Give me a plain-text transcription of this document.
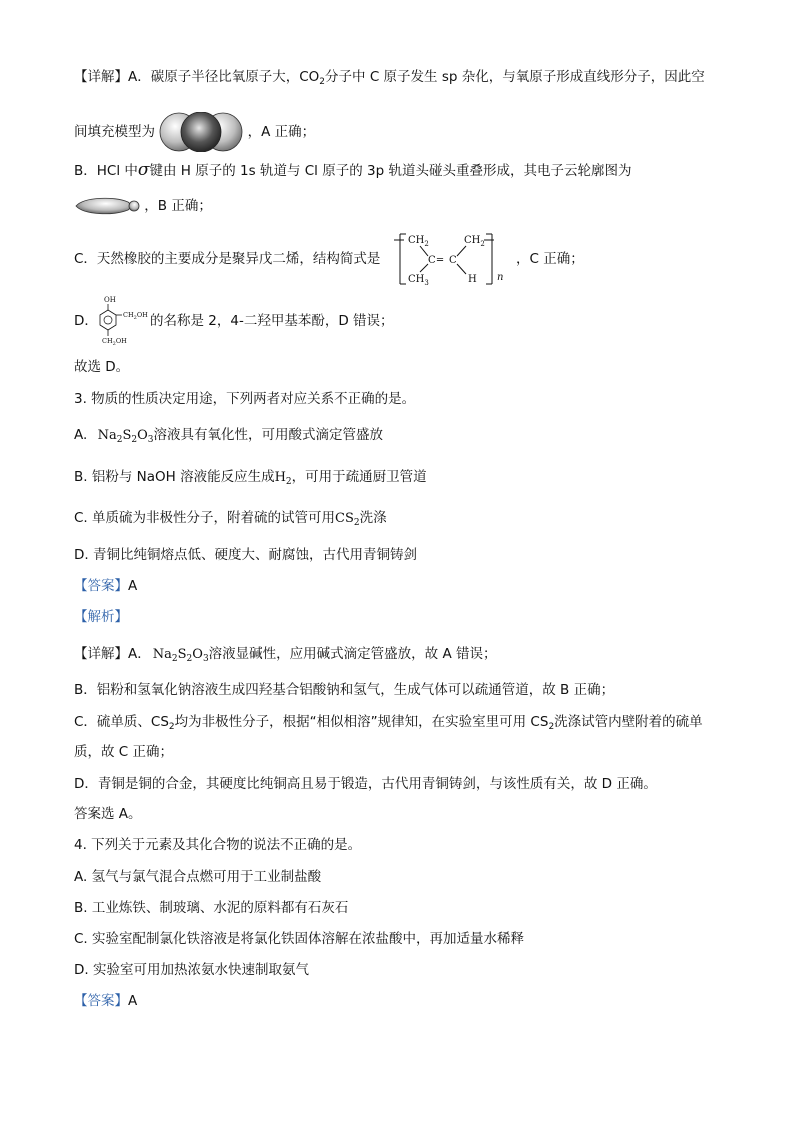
【详解】A．碳原子半径比氧原子大，$CO_2$分子中 C 原子发生 sp 杂化，与氧原子形成直线形分子，因此空
间填充模型为	，A 正确；
B．HCl 中σ键由 H 原子的 1s 轨道与 Cl 原子的 3p 轨道头碰头重叠形成，其电子云轮廓图为
，B 正确；
C．天然橡胶的主要成分是聚异戊二烯，结构简式是
$CH_2$
$CH_3$
C ═ C
$CH_2$
H n
，C 正确；
D．
OH
$CH_2OH$
$CH_2OH$
的名称是 2，4-二羟甲基苯酚，D 错误；
故选 D。
3. 物质的性质决定用途，下列两者对应关系不正确的是。
A. $Na_2S_2O_3$溶液具有氧化性，可用酸式滴定管盛放
B. 铝粉与 NaOH 溶液能反应生成$H_2$，可用于疏通厨卫管道
C. 单质硫为非极性分子，附着硫的试管可用$CS_2$洗涤
D. 青铜比纯铜熔点低、硬度大、耐腐蚀，古代用青铜铸剑
【答案】A
【解析】
【详解】A． $Na_2S_2O_3$溶液显碱性，应用碱式滴定管盛放，故 A 错误；
B．铝粉和氢氧化钠溶液生成四羟基合铝酸钠和氢气，生成气体可以疏通管道，故 B 正确；
C．硫单质、$CS_2$均为非极性分子，根据“相似相溶”规律知，在实验室里可用 $CS_2$洗涤试管内壁附着的硫单
质，故 C 正确；
D．青铜是铜的合金，其硬度比纯铜高且易于锻造，古代用青铜铸剑，与该性质有关，故 D 正确。
答案选 A。
4. 下列关于元素及其化合物的说法不正确的是。
A. 氢气与氯气混合点燃可用于工业制盐酸
B. 工业炼铁、制玻璃、水泥的原料都有石灰石
C. 实验室配制氯化铁溶液是将氯化铁固体溶解在浓盐酸中，再加适量水稀释
D. 实验室可用加热浓氨水快速制取氨气
【答案】A
